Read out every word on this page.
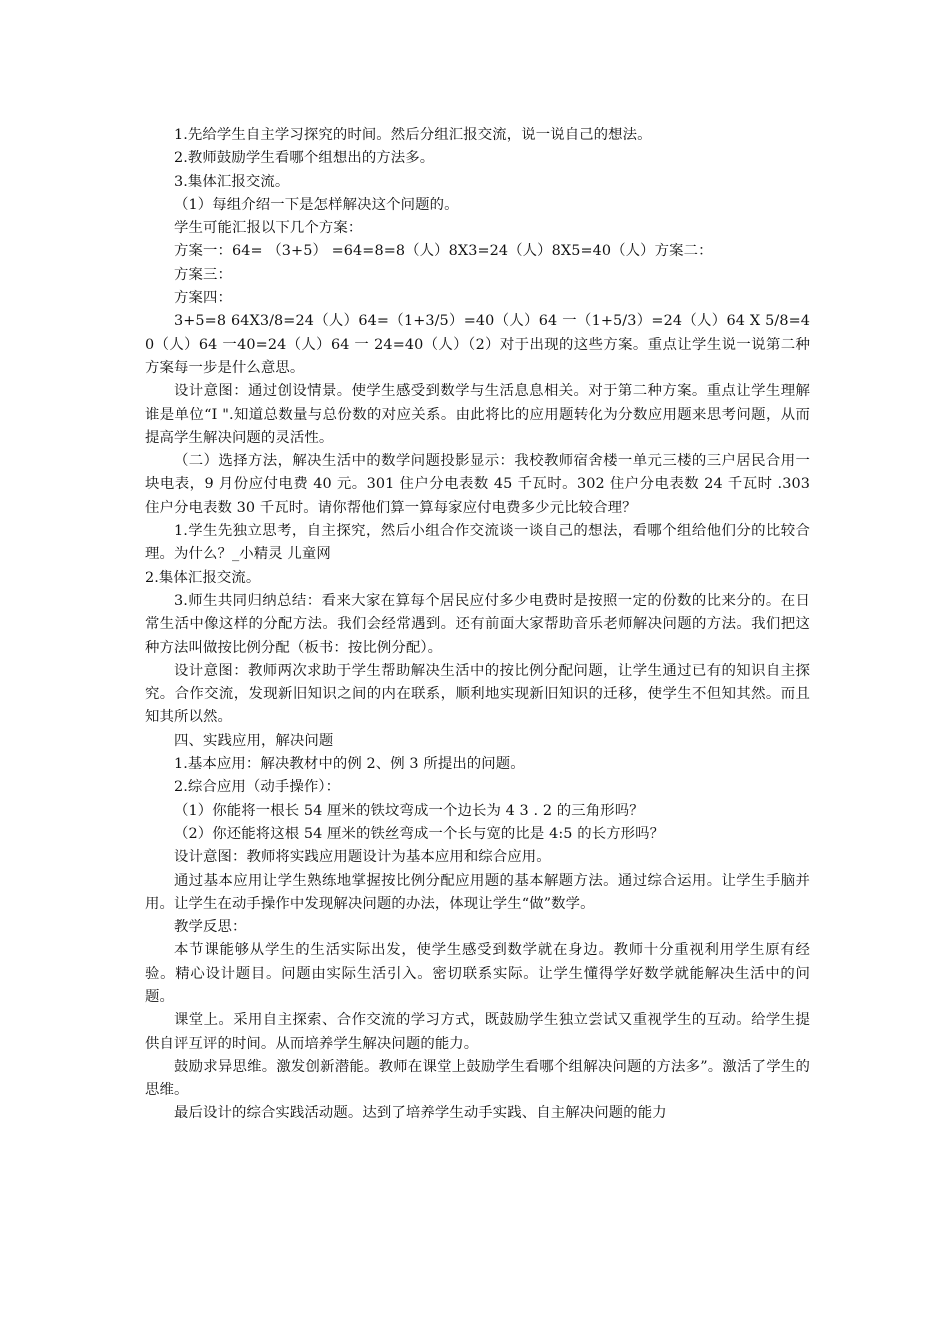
1.先给学生自主学习探究的时间。然后分组汇报交流，说一说自己的想法。

2.教师鼓励学生看哪个组想出的方法多。

3.集体汇报交流。

（1）每组介绍一下是怎样解决这个问题的。

学生可能汇报以下几个方案：

方案一：64= （3+5） =64=8=8（人）8X3=24（人）8X5=40（人）方案二：

方案三：

方案四：

3+5=8 64X3/8=24（人）64=（1+3/5）=40（人）64 一（1+5/3）=24（人）64 X 5/8=40（人）64 一40=24（人）64 一 24=40（人）（2）对于出现的这些方案。重点让学生说一说第二种方案每一步是什么意思。

设计意图：通过创设情景。使学生感受到数学与生活息息相关。对于第二种方案。重点让学生理解谁是单位“I ".知道总数量与总份数的对应关系。由此将比的应用题转化为分数应用题来思考问题，从而提高学生解决问题的灵活性。

（二）选择方法，解决生活中的数学问题投影显示：我校教师宿舍楼一单元三楼的三户居民合用一块电表，9 月份应付电费 40 元。301 住户分电表数 45 千瓦时。302 住户分电表数 24 千瓦时 .303 住户分电表数 30 千瓦时。请你帮他们算一算每家应付电费多少元比较合理？

1.学生先独立思考，自主探究，然后小组合作交流谈一谈自己的想法，看哪个组给他们分的比较合理。为什么？_小精灵 儿童网

2.集体汇报交流。

3.师生共同归纳总结：看来大家在算每个居民应付多少电费时是按照一定的份数的比来分的。在日常生活中像这样的分配方法。我们会经常遇到。还有前面大家帮助音乐老师解决问题的方法。我们把这种方法叫做按比例分配（板书：按比例分配）。

设计意图：教师两次求助于学生帮助解决生活中的按比例分配问题，让学生通过已有的知识自主探究。合作交流，发现新旧知识之间的内在联系，顺利地实现新旧知识的迁移，使学生不但知其然。而且知其所以然。

四、实践应用，解决问题

1.基本应用：解决教材中的例 2、例 3 所提出的问题。

2.综合应用（动手操作）：

（1）你能将一根长 54 厘米的铁坟弯成一个边长为 4 3 . 2 的三角形吗？

（2）你还能将这根 54 厘米的铁丝弯成一个长与宽的比是 4:5 的长方形吗？

设计意图：教师将实践应用题设计为基本应用和综合应用。

通过基本应用让学生熟练地掌握按比例分配应用题的基本解题方法。通过综合运用。让学生手脑并用。让学生在动手操作中发现解决问题的办法，体现让学生“做”数学。

教学反思：

本节课能够从学生的生活实际出发，使学生感受到数学就在身边。教师十分重视利用学生原有经验。精心设计题目。问题由实际生活引入。密切联系实际。让学生懂得学好数学就能解决生活中的问题。

课堂上。采用自主探索、合作交流的学习方式，既鼓励学生独立尝试又重视学生的互动。给学生提供自评互评的时间。从而培养学生解决问题的能力。

鼓励求异思维。激发创新潜能。教师在课堂上鼓励学生看哪个组解决问题的方法多”。激活了学生的思维。

最后设计的综合实践活动题。达到了培养学生动手实践、自主解决问题的能力
